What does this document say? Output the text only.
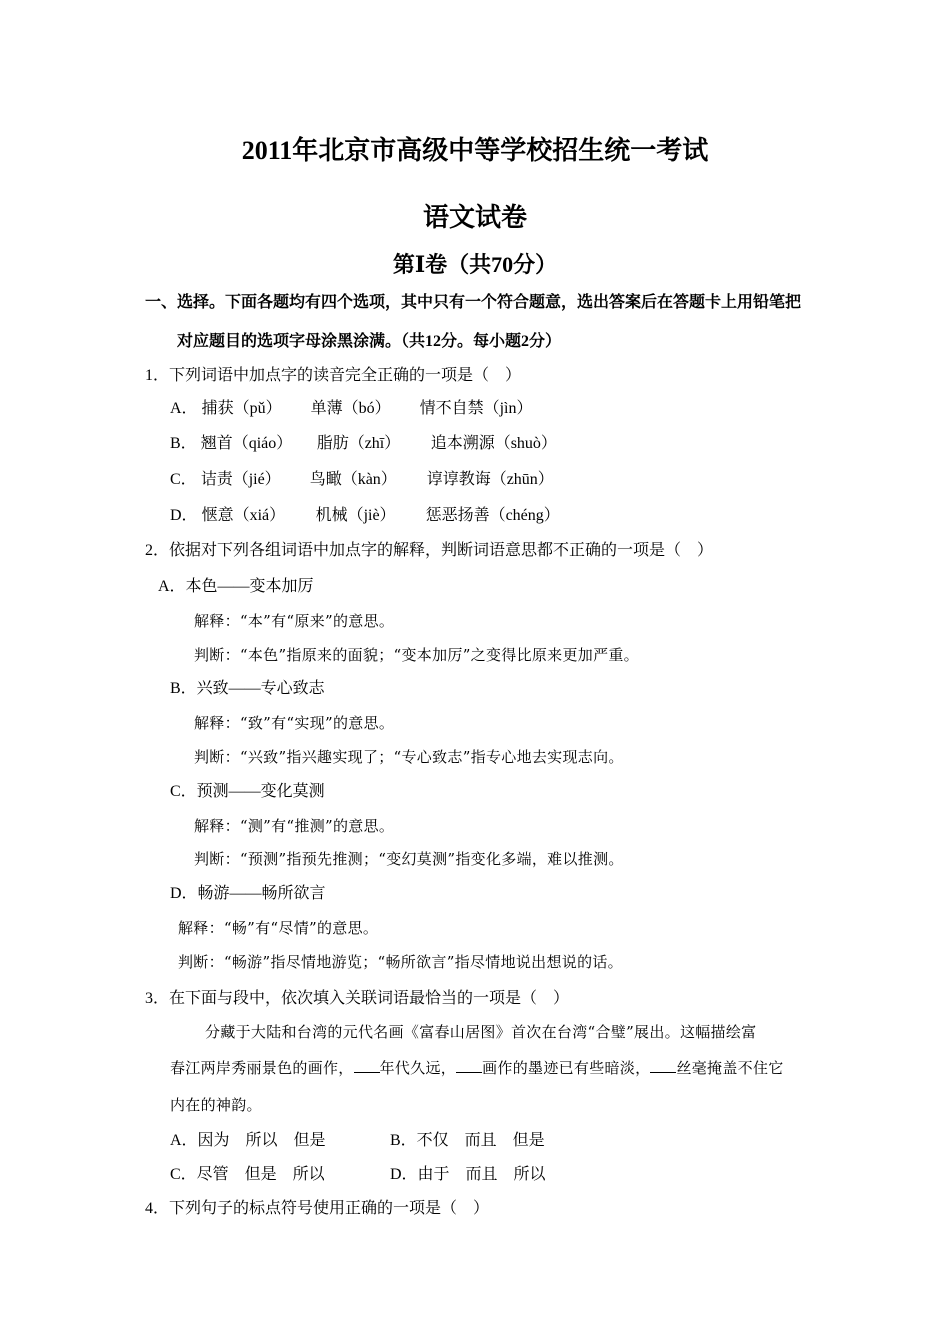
2011年北京市高级中等学校招生统一考试
语文试卷
第Ⅰ卷（共70分）
一、选择。下面各题均有四个选项，其中只有一个符合题意，选出答案后在答题卡上用铅笔把
对应题目的选项字母涂黑涂满。（共12分。每小题2分）
1．下列词语中加点字的读音完全正确的一项是（　）
A． 捕获（pǔ） 单薄（bó） 情不自禁（jìn）
B． 翘首（qiáo） 脂肪（zhī） 追本溯源（shuò）
C． 诘责（jié） 鸟瞰（kàn） 谆谆教诲（zhūn）
D． 惬意（xiá） 机械（jiè） 惩恶扬善（chéng）
2．依据对下列各组词语中加点字的解释，判断词语意思都不正确的一项是（　）
A．本色——变本加厉
解释：“本”有“原来”的意思。
判断：“本色”指原来的面貌；“变本加厉”之变得比原来更加严重。
B．兴致——专心致志
解释：“致”有“实现”的意思。
判断：“兴致”指兴趣实现了；“专心致志”指专心地去实现志向。
C．预测——变化莫测
解释：“测”有“推测”的意思。
判断：“预测”指预先推测；“变幻莫测”指变化多端，难以推测。
D．畅游——畅所欲言
解释：“畅”有“尽情”的意思。
判断：“畅游”指尽情地游览；“畅所欲言”指尽情地说出想说的话。
3．在下面与段中，依次填入关联词语最恰当的一项是（　）
分藏于大陆和台湾的元代名画《富春山居图》首次在台湾“合璧”展出。这幅描绘富
春江两岸秀丽景色的画作， 年代久远， 画作的墨迹已有些暗淡， 丝毫掩盖不住它
内在的神韵。
A．因为　所以　但是	B．不仅　而且　但是
C．尽管　但是　所以	D．由于　而且　所以
4．下列句子的标点符号使用正确的一项是（　）
